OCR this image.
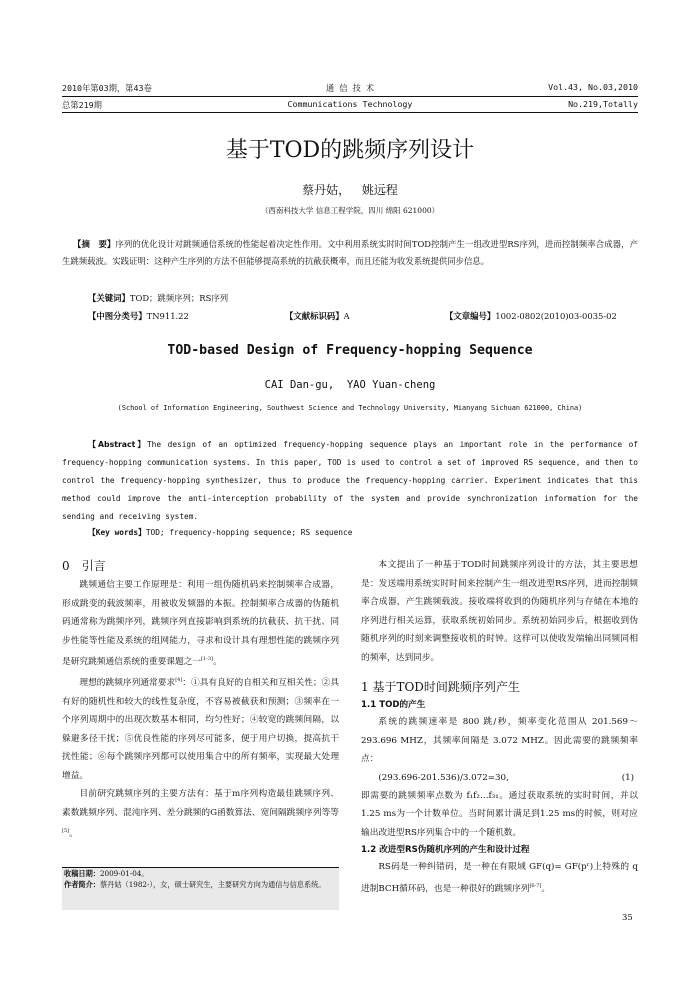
2010年第03期，第43卷	通 信 技 术	Vol.43, No.03,2010
总第219期	Communications Technology	No.219,Totally
基于TOD的跳频序列设计
蔡丹姑， 姚远程
（西南科技大学 信息工程学院，四川 绵阳 621000）
【摘　要】序列的优化设计对跳频通信系统的性能起着决定性作用。文中利用系统实时时间TOD控制产生一组改进型RS序列，进而控制频率合成器，产生跳频载波。实践证明：这种产生序列的方法不但能够提高系统的抗截获概率，而且还能为收发系统提供同步信息。
【关键词】TOD；跳频序列；RS序列
【中图分类号】 TN911.22	【文献标识码】 A	【文章编号】 1002-0802(2010)03-0035-02
TOD-based Design of Frequency-hopping Sequence
CAI Dan-gu,  YAO Yuan-cheng
(School of Information Engineering, Southwest Science and Technology University, Mianyang Sichuan 621000, China)
【Abstract】The design of an optimized frequency-hopping sequence plays an important role in the performance of frequency-hopping communication systems. In this paper, TOD is used to control a set of improved RS sequence, and then to control the frequency-hopping synthesizer, thus to produce the frequency-hopping carrier. Experiment indicates that this method could improve the anti-interception probability of the system and provide synchronization information for the sending and receiving system.
【Key words】TOD; frequency-hopping sequence; RS sequence
0　引言

跳频通信主要工作原理是：利用一组伪随机码来控制频率合成器，形成跳变的载波频率，用被收发频器的本振。控制频率合成器的伪随机码通常称为跳频序列，跳频序列直接影响到系统的抗截获、抗干扰、同步性能等性能及系统的组网能力，寻求和设计具有理想性能的跳频序列是研究跳频通信系统的重要课题之一[1-3]。

理想的跳频序列通常要求[4]：①具有良好的自相关和互相关性；②具有好的随机性和较大的线性复杂度，不容易被截获和预测；③频率在一个序列周期中的出现次数基本相同，均匀性好；④较宽的跳频间隔，以躲避多径干扰；⑤优良性能的序列尽可能多，便于用户切换，提高抗干扰性能；⑥每个跳频序列都可以使用集合中的所有频率，实现最大处理增益。

目前研究跳频序列的主要方法有：基于m序列构造最佳跳频序列、素数跳频序列、混沌序列、差分跳频的G函数算法、宽间隔跳频序列等等[5]。

本文提出了一种基于TOD时间跳频序列设计的方法，其主要思想是：发送端用系统实时时间来控制产生一组改进型RS序列，进而控制频率合成器，产生跳频载波。接收端将收到的伪随机序列与存储在本地的序列进行相关运算，获取系统初始同步。系统初始同步后，根据收到伪随机序列的时刻来调整接收机的时钟。这样可以使收发端输出同频同相的频率，达到同步。

1 基于TOD时间跳频序列产生
1.1 TOD的产生

系统的跳频速率是 800 跳/秒，频率变化范围从 201.569～293.696 MHZ，其频率间隔是 3.072 MHZ。因此需要的跳频频率点：

(293.696-201.536)/3.072=30,	(1)

即需要的跳频频率点数为 f₁f₂…f₃₁。通过获取系统的实时时间，并以1.25 ms为一个计数单位。当时间累计满足到1.25 ms的时候，则对应输出改进型RS序列集合中的一个随机数。

1.2 改进型RS伪随机序列的产生和设计过程

RS码是一种纠错码，是一种在有限域 GF(q)= GF(pʳ)上特殊的 q 进制BCH循环码，也是一种很好的跳频序列[6-7]。

收稿日期：2009-01-04。
作者简介： 蔡丹姑（1982-），女，硕士研究生，主要研究方向为通信与信息系统。
35
